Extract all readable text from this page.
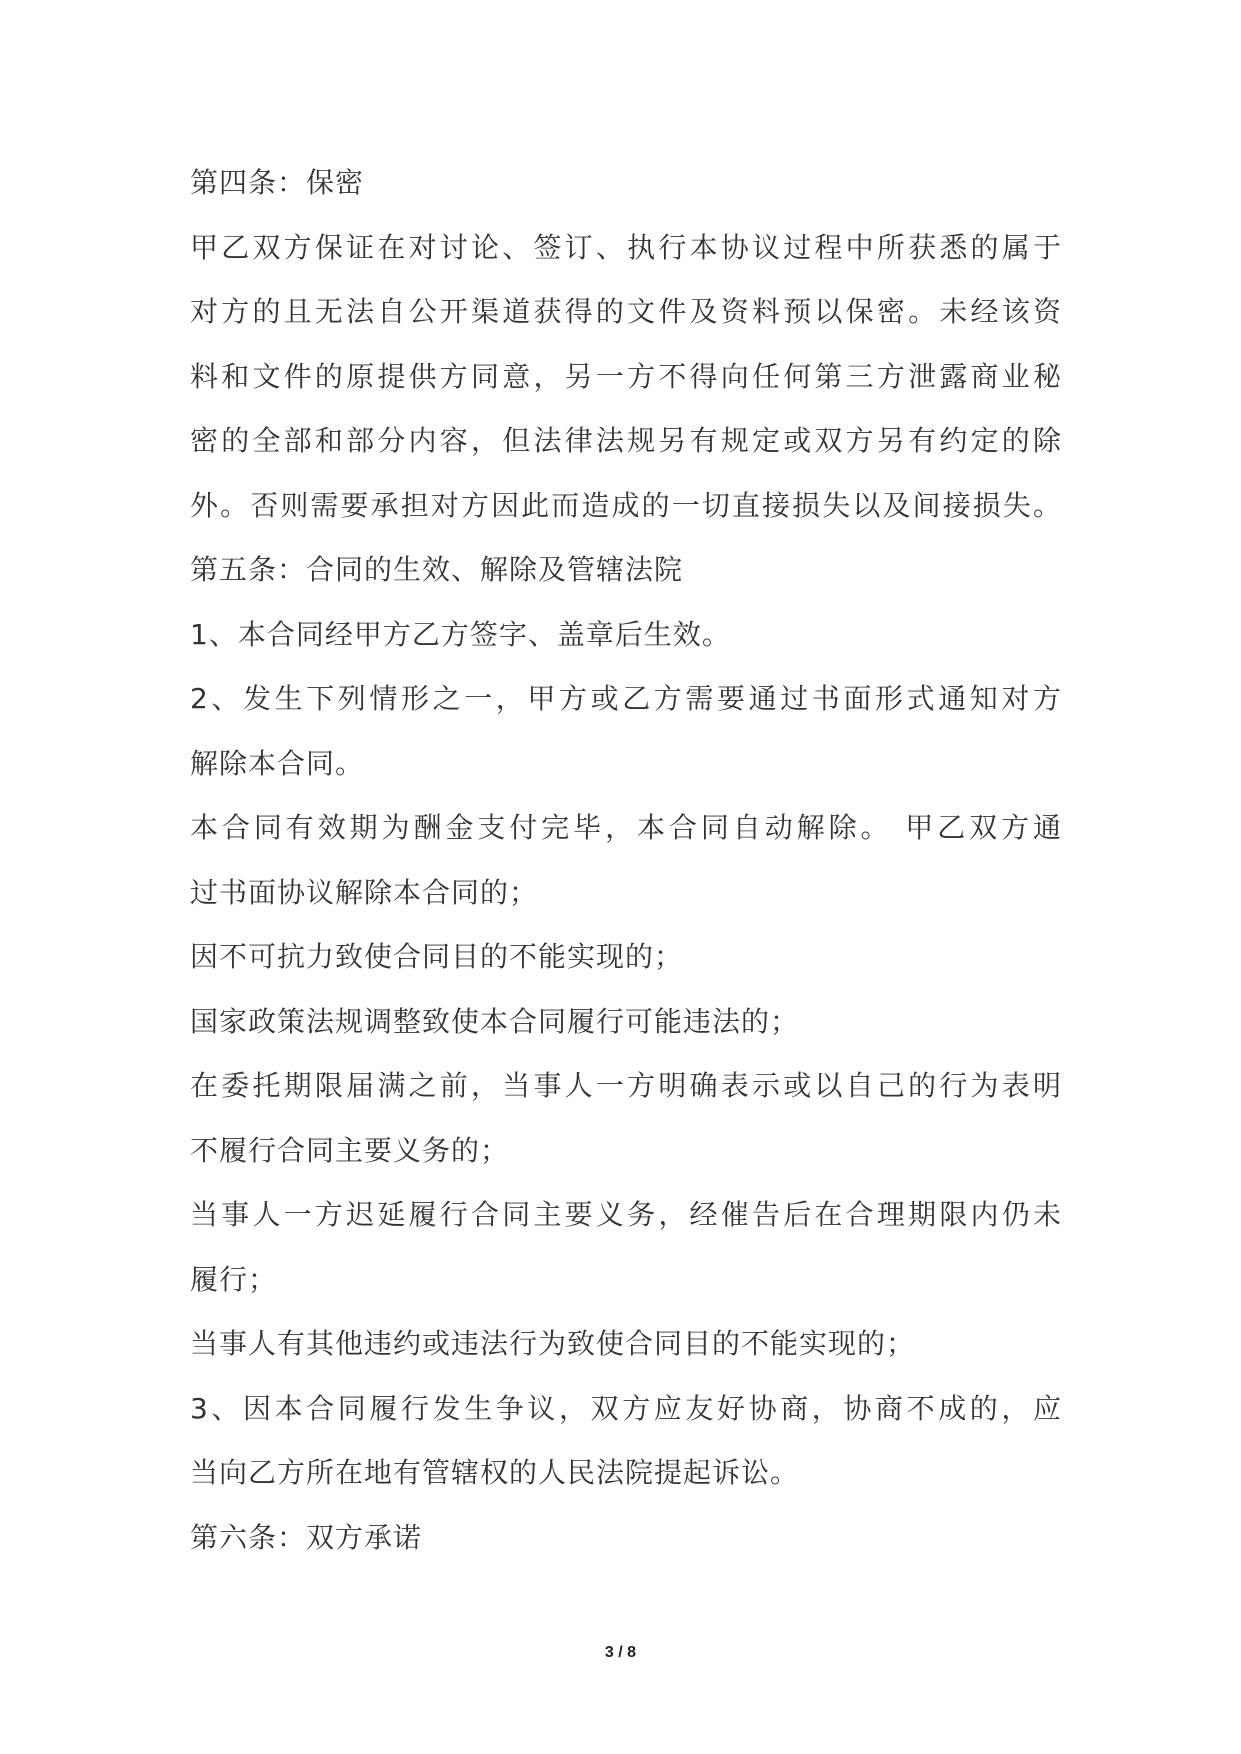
第四条：保密
甲乙双方保证在对讨论、签订、执行本协议过程中所获悉的属于
对方的且无法自公开渠道获得的文件及资料预以保密。未经该资
料和文件的原提供方同意，另一方不得向任何第三方泄露商业秘
密的全部和部分内容，但法律法规另有规定或双方另有约定的除
外。否则需要承担对方因此而造成的一切直接损失以及间接损失。
第五条：合同的生效、解除及管辖法院
1、本合同经甲方乙方签字、盖章后生效。
2、发生下列情形之一，甲方或乙方需要通过书面形式通知对方
解除本合同。
本合同有效期为酬金支付完毕，本合同自动解除。 甲乙双方通
过书面协议解除本合同的；
因不可抗力致使合同目的不能实现的；
国家政策法规调整致使本合同履行可能违法的；
在委托期限届满之前，当事人一方明确表示或以自己的行为表明
不履行合同主要义务的；
当事人一方迟延履行合同主要义务，经催告后在合理期限内仍未
履行；
当事人有其他违约或违法行为致使合同目的不能实现的；
3、因本合同履行发生争议，双方应友好协商，协商不成的，应
当向乙方所在地有管辖权的人民法院提起诉讼。
第六条：双方承诺
3 / 8
